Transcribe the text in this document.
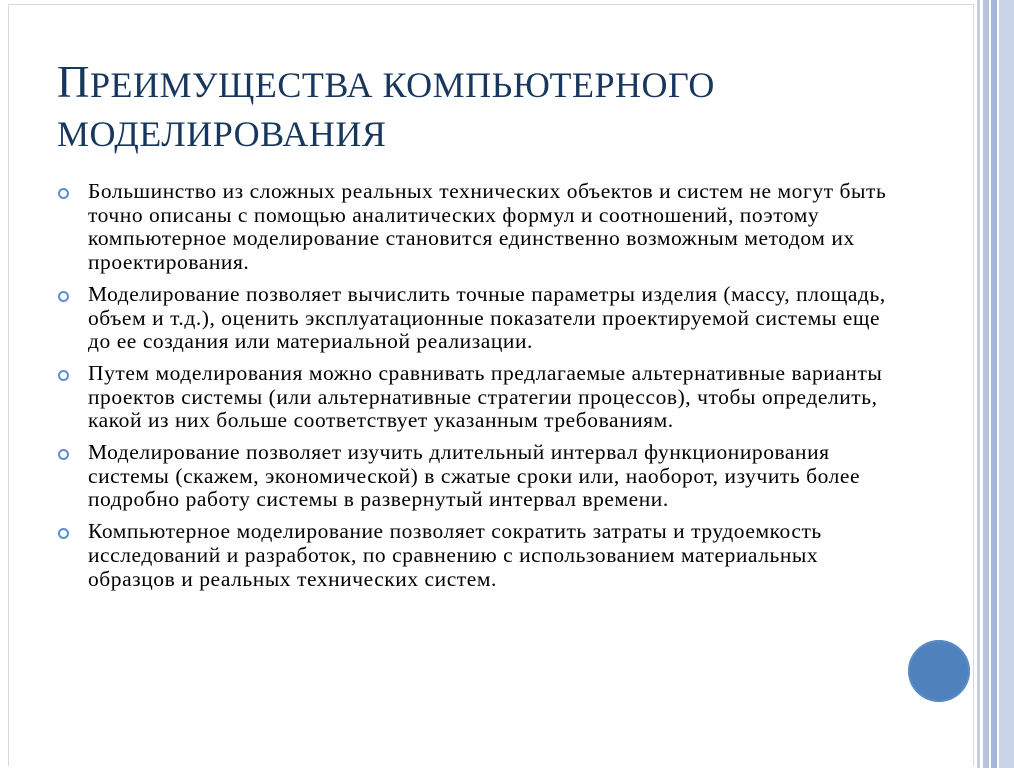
ПРЕИМУЩЕСТВА КОМПЬЮТЕРНОГО
МОДЕЛИРОВАНИЯ
Большинство из сложных реальных технических объектов и систем не могут быть точно описаны с помощью аналитических формул и соотношений, поэтому компьютерное моделирование становится единственно возможным методом их проектирования.
Моделирование позволяет вычислить точные параметры изделия (массу, площадь, объем и т.д.), оценить эксплуатационные показатели проектируемой системы еще до ее создания или материальной реализации.
Путем моделирования можно сравнивать предлагаемые альтернативные варианты проектов системы (или альтернативные стратегии процессов), чтобы определить, какой из них больше соответствует указанным требованиям.
Моделирование позволяет изучить длительный интервал функционирования системы (скажем, экономической) в сжатые сроки или, наоборот, изучить более подробно работу системы в развернутый интервал времени.
Компьютерное моделирование позволяет сократить затраты и трудоемкость исследований и разработок, по сравнению с использованием материальных образцов и реальных технических систем.
